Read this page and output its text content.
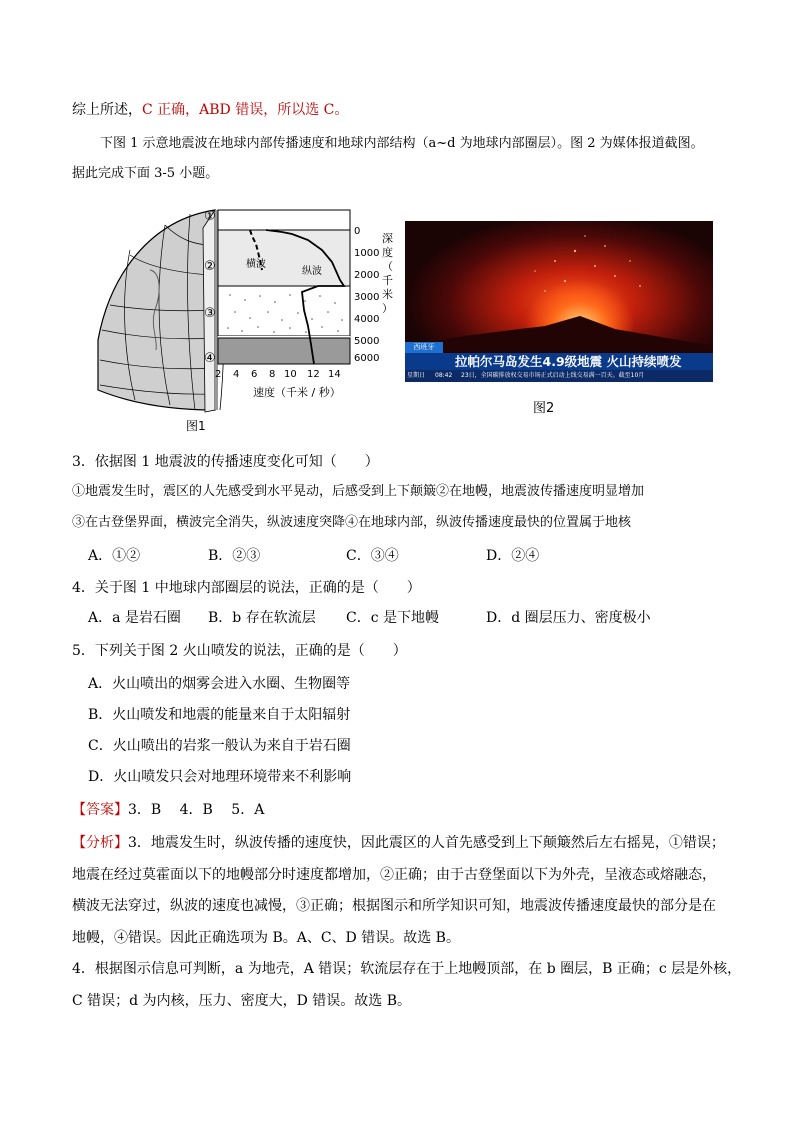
综上所述，C 正确，ABD 错误，所以选 C。
下图 1 示意地震波在地球内部传播速度和地球内部结构（a~d 为地球内部圈层）。图 2 为媒体报道截图。
据此完成下面 3-5 小题。
横波
纵波
①
②
③
④
0
1000
2000
3000
4000
5000
6000
深
度
（
千
米
）
2 4 6 8 10 12 14
速度（千米 / 秒）
图1
西班牙
拉帕尔马岛发生4.9级地震 火山持续喷发
星期日 08:42 23日，全国碳排放权交易市场正式启动上线交易满一百天。截至10月
图2
3．依据图 1 地震波的传播速度变化可知（　　）
①地震发生时，震区的人先感受到水平晃动，后感受到上下颠簸②在地幔，地震波传播速度明显增加
③在古登堡界面，横波完全消失，纵波速度突降④在地球内部，纵波传播速度最快的位置属于地核
A．①②	B．②③	C．③④	D．②④
4．关于图 1 中地球内部圈层的说法，正确的是（　　）
A．a 是岩石圈 B．b 存在软流层 C．c 是下地幔	D．d 圈层压力、密度极小
5．下列关于图 2 火山喷发的说法，正确的是（　　）
A．火山喷出的烟雾会进入水圈、生物圈等
B．火山喷发和地震的能量来自于太阳辐射
C．火山喷出的岩浆一般认为来自于岩石圈
D．火山喷发只会对地理环境带来不利影响
【答案】3．B　 4．B　 5．A
【分析】3．地震发生时，纵波传播的速度快，因此震区的人首先感受到上下颠簸然后左右摇晃，①错误；
地震在经过莫霍面以下的地幔部分时速度都增加，②正确；由于古登堡面以下为外壳，呈液态或熔融态，
横波无法穿过，纵波的速度也减慢，③正确；根据图示和所学知识可知，地震波传播速度最快的部分是在
地幔，④错误。因此正确选项为 B。A、C、D 错误。故选 B。
4．根据图示信息可判断，a 为地壳，A 错误；软流层存在于上地幔顶部，在 b 圈层，B 正确；c 层是外核，
C 错误；d 为内核，压力、密度大，D 错误。故选 B。
